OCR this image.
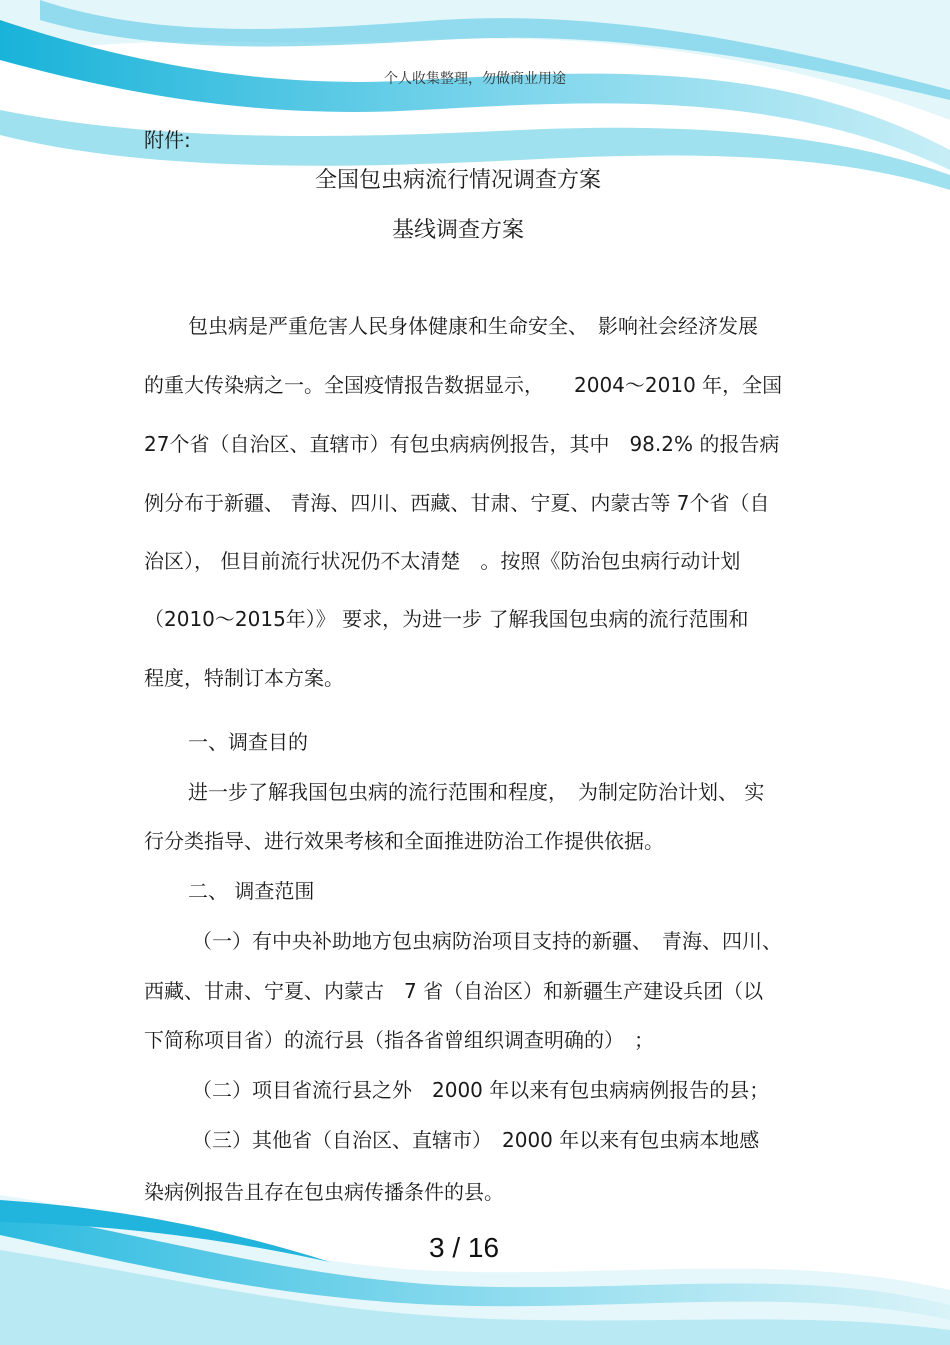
个人收集整理，勿做商业用途
附件:
全国包虫病流行情况调查方案
基线调查方案
包虫病是严重危害人民身体健康和生命安全、　影响社会经济发展
的重大传染病之一。全国疫情报告数据显示，　　2004～2010 年，全国
27个省（自治区、直辖市）有包虫病病例报告，其中　98.2% 的报告病
例分布于新疆、 青海、四川、西藏、甘肃、宁夏、内蒙古等 7个省（自
治区）， 但目前流行状况仍不太清楚　。按照《防治包虫病行动计划
（2010～2015年）》 要求，为进一步 了解我国包虫病的流行范围和
程度，特制订本方案。
一、调查目的
进一步了解我国包虫病的流行范围和程度，　为制定防治计划、 实
行分类指导、进行效果考核和全面推进防治工作提供依据。
二、 调查范围
（一）有中央补助地方包虫病防治项目支持的新疆、　青海、四川、
西藏、甘肃、宁夏、内蒙古　7 省（自治区）和新疆生产建设兵团（以
下简称项目省）的流行县（指各省曾组织调查明确的）　；
（二）项目省流行县之外　2000 年以来有包虫病病例报告的县；
（三）其他省（自治区、直辖市）　2000 年以来有包虫病本地感
染病例报告且存在包虫病传播条件的县。
3 / 16
